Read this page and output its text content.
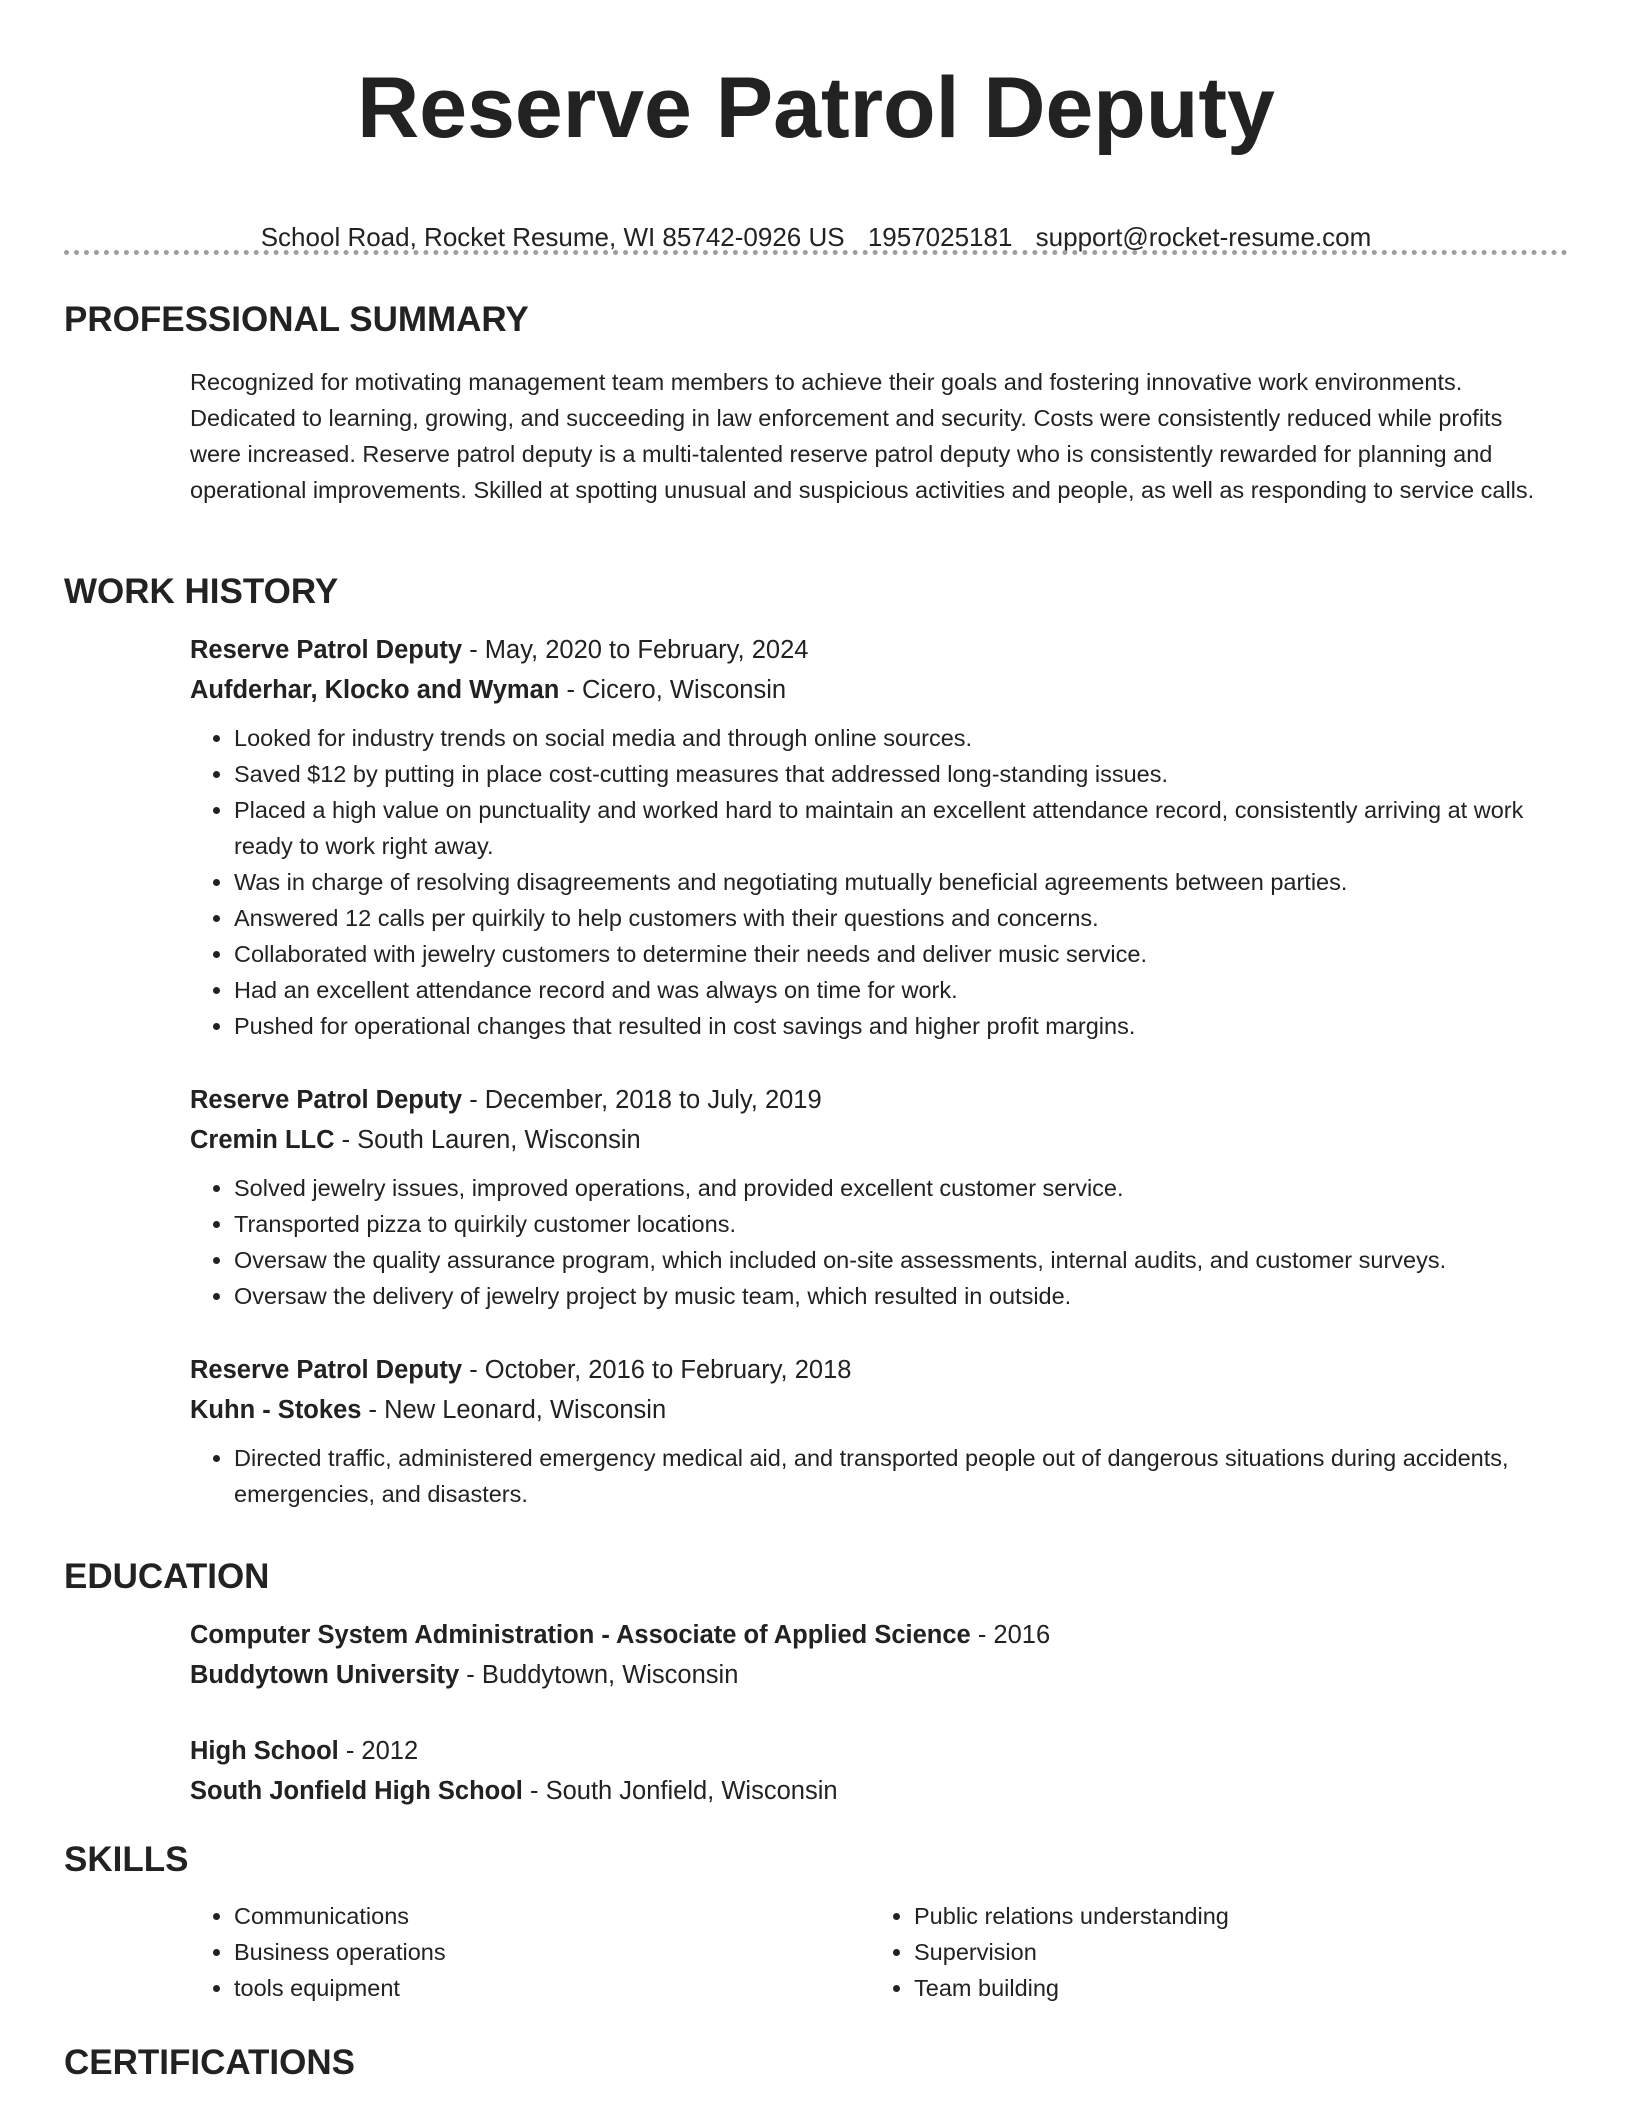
Reserve Patrol Deputy
School Road, Rocket Resume, WI 85742-0926 US 1957025181 support@rocket-resume.com
PROFESSIONAL SUMMARY

Recognized for motivating management team members to achieve their goals and fostering innovative work environments. Dedicated to learning, growing, and succeeding in law enforcement and security. Costs were consistently reduced while profits were increased. Reserve patrol deputy is a multi-talented reserve patrol deputy who is consistently rewarded for planning and operational improvements. Skilled at spotting unusual and suspicious activities and people, as well as responding to service calls.

WORK HISTORY
Reserve Patrol Deputy - May, 2020 to February, 2024
Aufderhar, Klocko and Wyman - Cicero, Wisconsin
• Looked for industry trends on social media and through online sources.
• Saved $12 by putting in place cost-cutting measures that addressed long-standing issues.
• Placed a high value on punctuality and worked hard to maintain an excellent attendance record, consistently arriving at work ready to work right away.
• Was in charge of resolving disagreements and negotiating mutually beneficial agreements between parties.
• Answered 12 calls per quirkily to help customers with their questions and concerns.
• Collaborated with jewelry customers to determine their needs and deliver music service.
• Had an excellent attendance record and was always on time for work.
• Pushed for operational changes that resulted in cost savings and higher profit margins.
Reserve Patrol Deputy - December, 2018 to July, 2019
Cremin LLC - South Lauren, Wisconsin
• Solved jewelry issues, improved operations, and provided excellent customer service.
• Transported pizza to quirkily customer locations.
• Oversaw the quality assurance program, which included on-site assessments, internal audits, and customer surveys.
• Oversaw the delivery of jewelry project by music team, which resulted in outside.
Reserve Patrol Deputy - October, 2016 to February, 2018
Kuhn - Stokes - New Leonard, Wisconsin
• Directed traffic, administered emergency medical aid, and transported people out of dangerous situations during accidents, emergencies, and disasters.
EDUCATION
Computer System Administration - Associate of Applied Science - 2016
Buddytown University - Buddytown, Wisconsin
High School - 2012
South Jonfield High School - South Jonfield, Wisconsin
SKILLS
• Communications
• Business operations
• tools equipment
• Public relations understanding
• Supervision
• Team building
CERTIFICATIONS
